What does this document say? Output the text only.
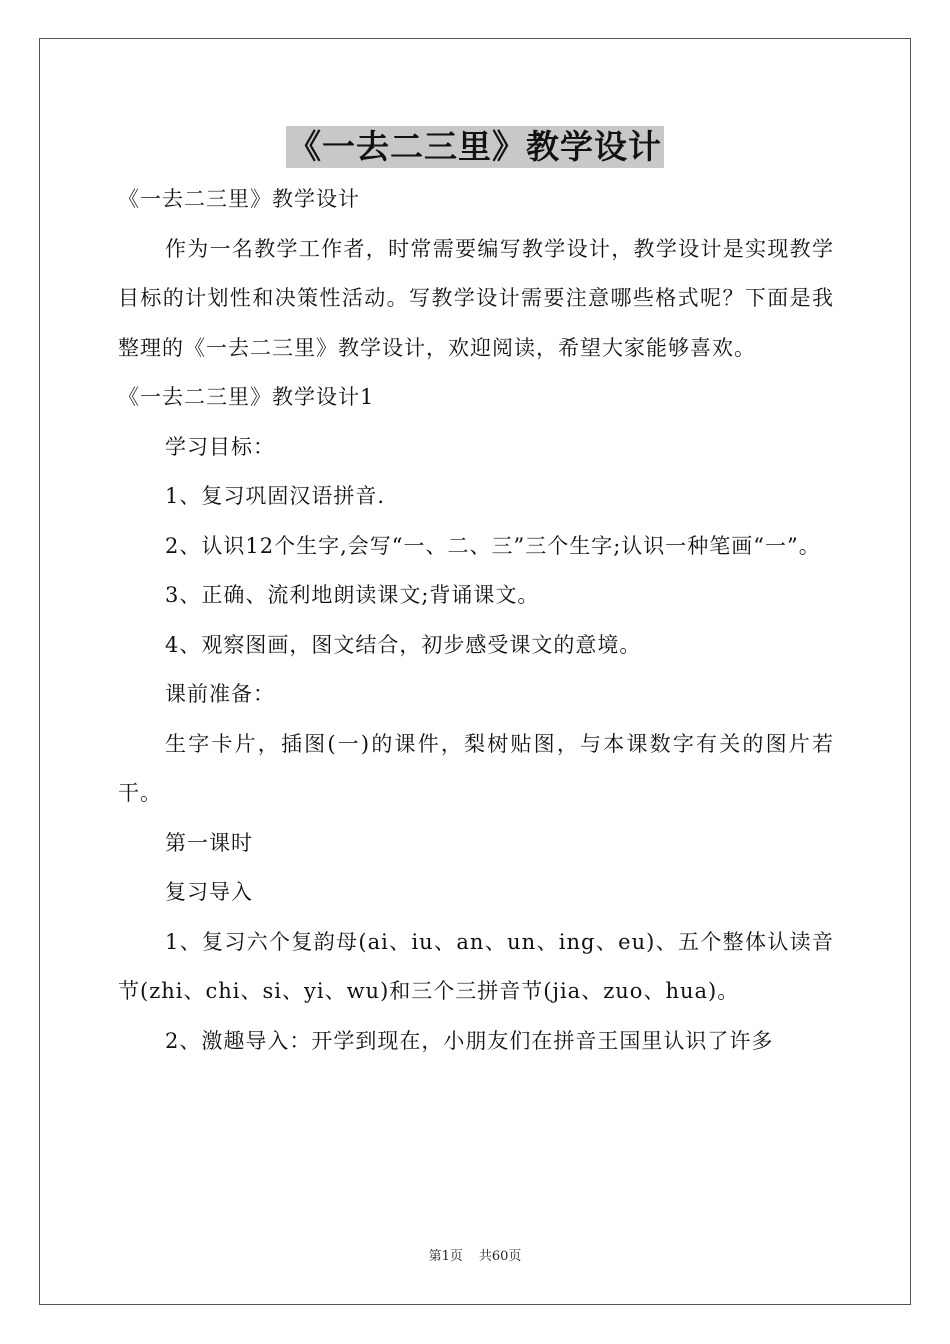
《一去二三里》教学设计

《一去二三里》教学设计

作为一名教学工作者，时常需要编写教学设计，教学设计是实现教学目标的计划性和决策性活动。写教学设计需要注意哪些格式呢？下面是我整理的《一去二三里》教学设计，欢迎阅读，希望大家能够喜欢。

《一去二三里》教学设计1

学习目标：

1、复习巩固汉语拼音.

2、认识12个生字,会写“一、二、三”三个生字;认识一种笔画“一”。

3、正确、流利地朗读课文;背诵课文。

4、观察图画，图文结合，初步感受课文的意境。

课前准备：

生字卡片，插图(一)的课件，梨树贴图，与本课数字有关的图片若干。

第一课时

复习导入

1、复习六个复韵母(ai、iu、an、un、ing、eu)、五个整体认读音节(zhi、chi、si、yi、wu)和三个三拼音节(jia、zuo、hua)。

2、激趣导入：开学到现在，小朋友们在拼音王国里认识了许多

第1页 共60页
